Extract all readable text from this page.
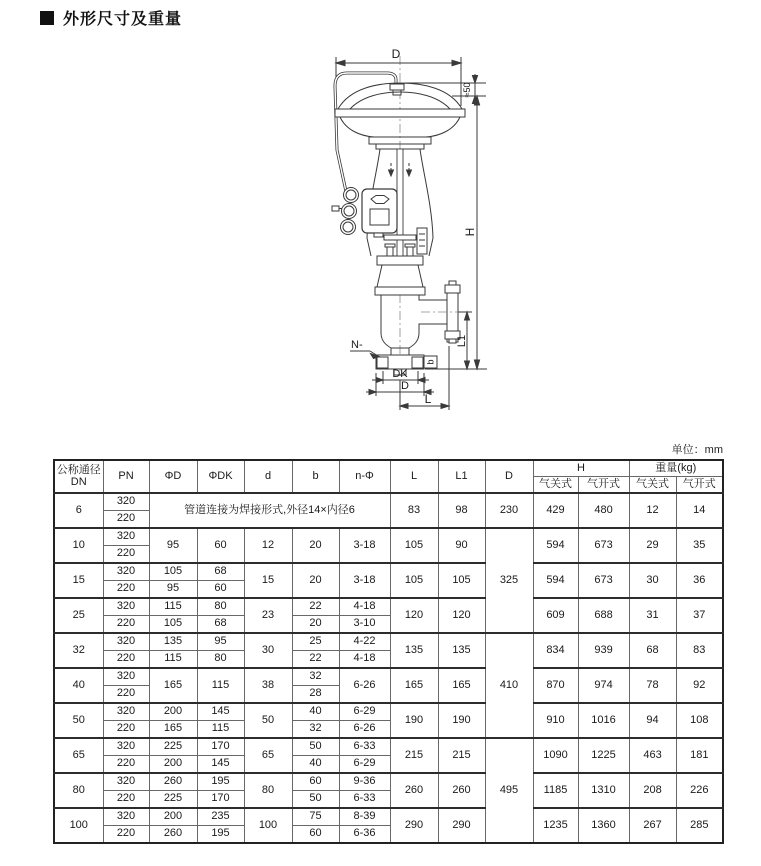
外形尺寸及重量
D
≈50
H
b
N-
DK
D
L
L1
单位：mm
公称通径
DN	PN	ΦD	ΦDK	d	b	n-Φ	L	L1	D	H		重量(kg)	
										气关式	气开式	气关式	气开式
6	320	管道连接为焊接形式,外径14×内径6					83	98	230	429	480	12	14
	220												
10	320	95	60	12	20	3-18	105	90	325	594	673	29	35
	220												
15	320	105	68	15	20	3-18	105	105		594	673	30	36
	220	95	60										
25	320	115	80	23	22	4-18	120	120		609	688	31	37
	220	105	68		20	3-10							
32	320	135	95	30	25	4-22	135	135	410	834	939	68	83
	220	115	80		22	4-18							
40	320	165	115	38	32	6-26	165	165		870	974	78	92
	220				28								
50	320	200	145	50	40	6-29	190	190		910	1016	94	108
	220	165	115		32	6-26							
65	320	225	170	65	50	6-33	215	215	495	1090	1225	463	181
	220	200	145		40	6-29							
80	320	260	195	80	60	9-36	260	260		1185	1310	208	226
	220	225	170		50	6-33							
100	320	200	235	100	75	8-39	290	290		1235	1360	267	285
	220	260	195		60	6-36							
